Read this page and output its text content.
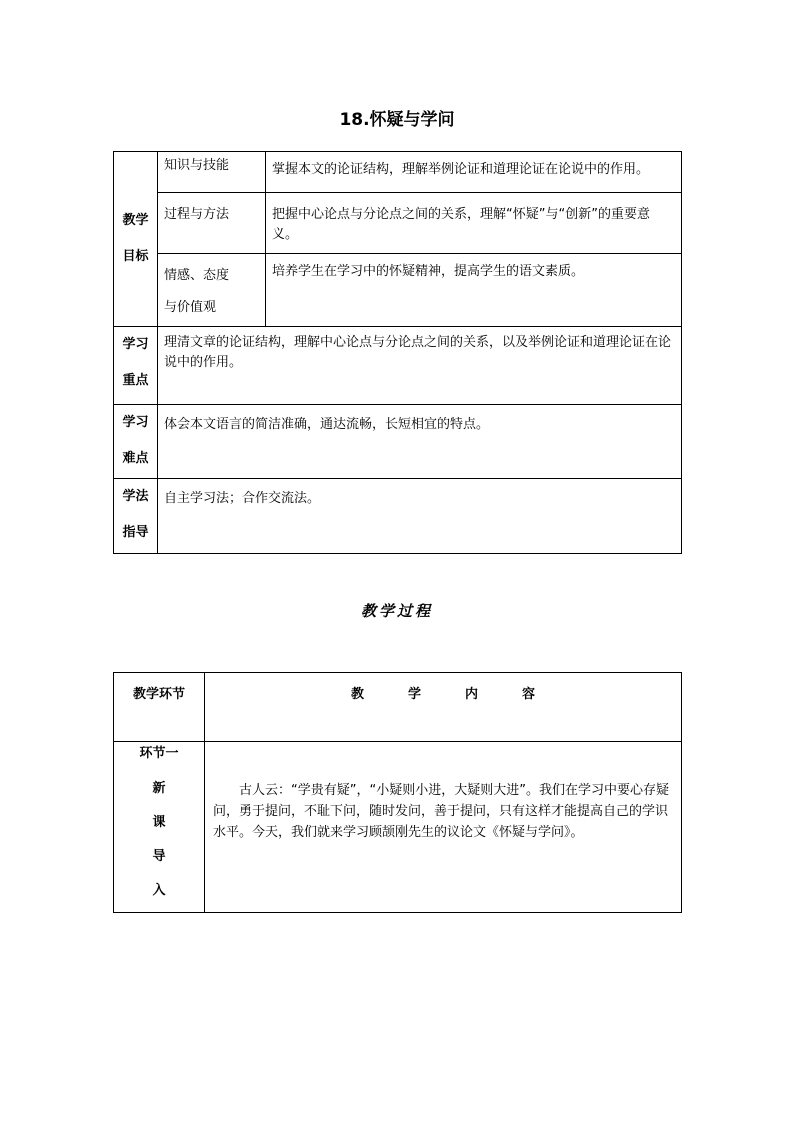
18.怀疑与学问
教学
目标	知识与技能	掌握本文的论证结构，理解举例论证和道理论证在论说中的作用。
	过程与方法	把握中心论点与分论点之间的关系，理解“怀疑”与“创新”的重要意义。

	情感、态度
与价值观	培养学生在学习中的怀疑精神，提高学生的语文素质。

学习
重点	理清文章的论证结构，理解中心论点与分论点之间的关系，以及举例论证和道理论证在论说中的作用。	

学习
难点	体会本文语言的简洁准确，通达流畅，长短相宜的特点。	

学法
指导	自主学习法；合作交流法。	
教学过程
教学环节	教 学 内 容

环节一
新
课
导
入	古人云：“学贵有疑”，“小疑则小进，大疑则大进”。我们在学习中要心存疑问，勇于提问，不耻下问，随时发问，善于提问，只有这样才能提高自己的学识水平。今天，我们就来学习顾颉刚先生的议论文《怀疑与学问》。
